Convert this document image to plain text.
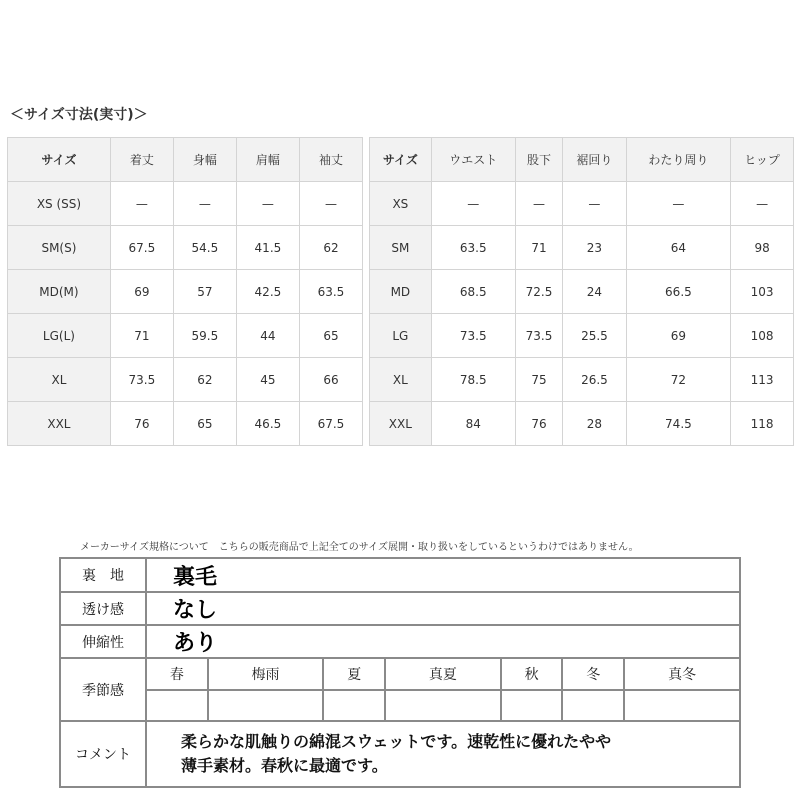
＜サイズ寸法(実寸)＞
サイズ	着丈	身幅	肩幅	袖丈
XS (SS)	—	—	—	—
SM(S)	67.5	54.5	41.5	62
MD(M)	69	57	42.5	63.5
LG(L)	71	59.5	44	65
XL	73.5	62	45	66
XXL	76	65	46.5	67.5
サイズ	ウエスト	股下	裾回り	わたり周り	ヒップ
XS	—	—	—	—	—
SM	63.5	71	23	64	98
MD	68.5	72.5	24	66.5	103
LG	73.5	73.5	25.5	69	108
XL	78.5	75	26.5	72	113
XXL	84	76	28	74.5	118
メーカーサイズ規格について　こちらの販売商品で上記全てのサイズ展開・取り扱いをしているというわけではありません。
裏　地	裏毛						
透け感	なし						
伸縮性	あり						
季節感	春	梅雨	夏	真夏	秋	冬	真冬

コメント	柔らかな肌触りの綿混スウェットです。速乾性に優れたやや
薄手素材。春秋に最適です。						
